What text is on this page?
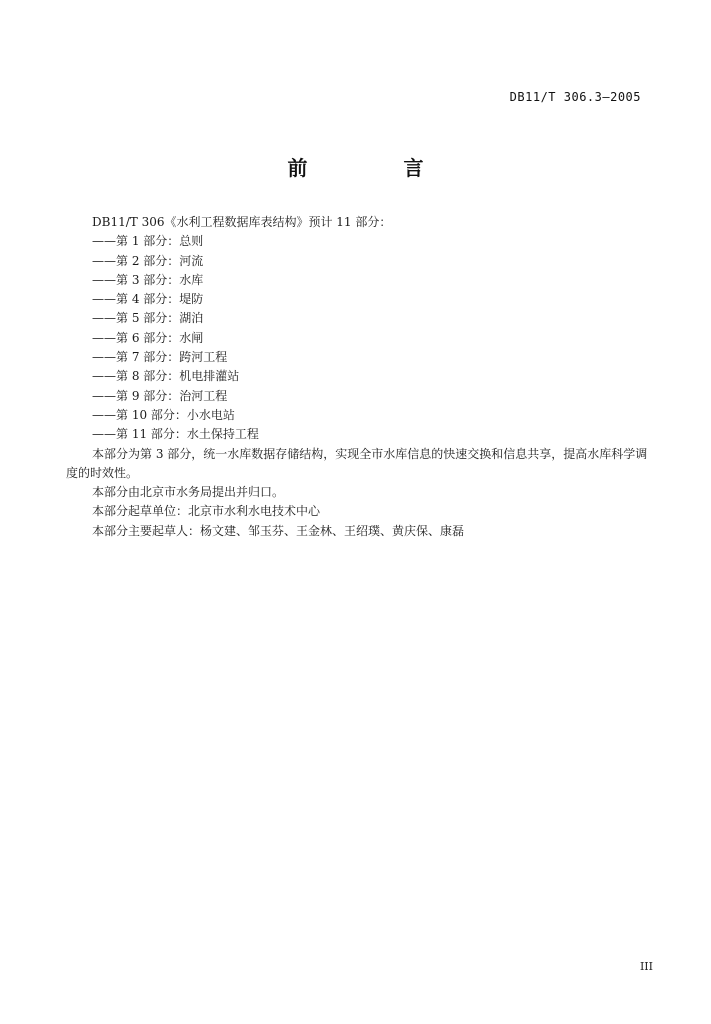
DB11/T 306.3—2005
前　言

DB11/T 306《水利工程数据库表结构》预计 11 部分：

——第 1 部分：总则
——第 2 部分：河流
——第 3 部分：水库
——第 4 部分：堤防
——第 5 部分：湖泊
——第 6 部分：水闸
——第 7 部分：跨河工程
——第 8 部分：机电排灌站
——第 9 部分：治河工程
——第 10 部分：小水电站
——第 11 部分：水土保持工程

本部分为第 3 部分，统一水库数据存储结构，实现全市水库信息的快速交换和信息共享，提高水库科学调度的时效性。

本部分由北京市水务局提出并归口。

本部分起草单位：北京市水利水电技术中心

本部分主要起草人：杨文建、邹玉芬、王金林、王绍璞、黄庆保、康磊

III
